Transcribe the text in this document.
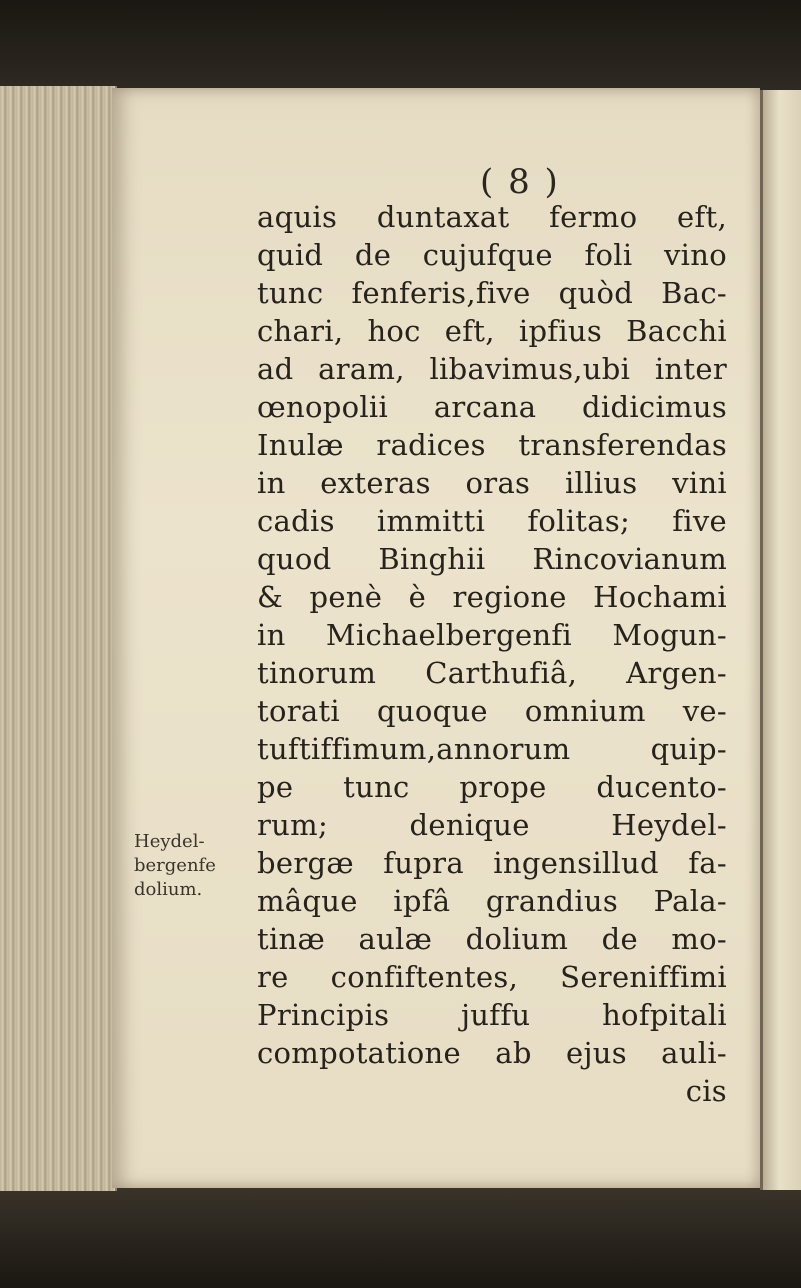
( 8 )
aquis duntaxat fermo eft,
quid de cujufque foli vino
tunc fenferis,five quòd Bac-
chari, hoc eft, ipfius Bacchi
ad aram, libavimus,ubi inter
œnopolii arcana didicimus
Inulæ radices transferendas
in exteras oras illius vini
cadis immitti folitas; five
quod Binghii Rincovianum
& penè è regione Hochami
in Michaelbergenfi Mogun-
tinorum Carthufiâ, Argen-
torati quoque omnium ve-
tuftiffimum,annorum quip-
pe tunc prope ducento-
rum; denique Heydel-
bergæ fupra ingensillud fa-
mâque ipfâ grandius Pala-
tinæ aulæ dolium de mo-
re confiftentes, Sereniffimi
Principis juffu hofpitali
compotatione ab ejus auli-
cis
Heydel-
bergenfe
dolium.
